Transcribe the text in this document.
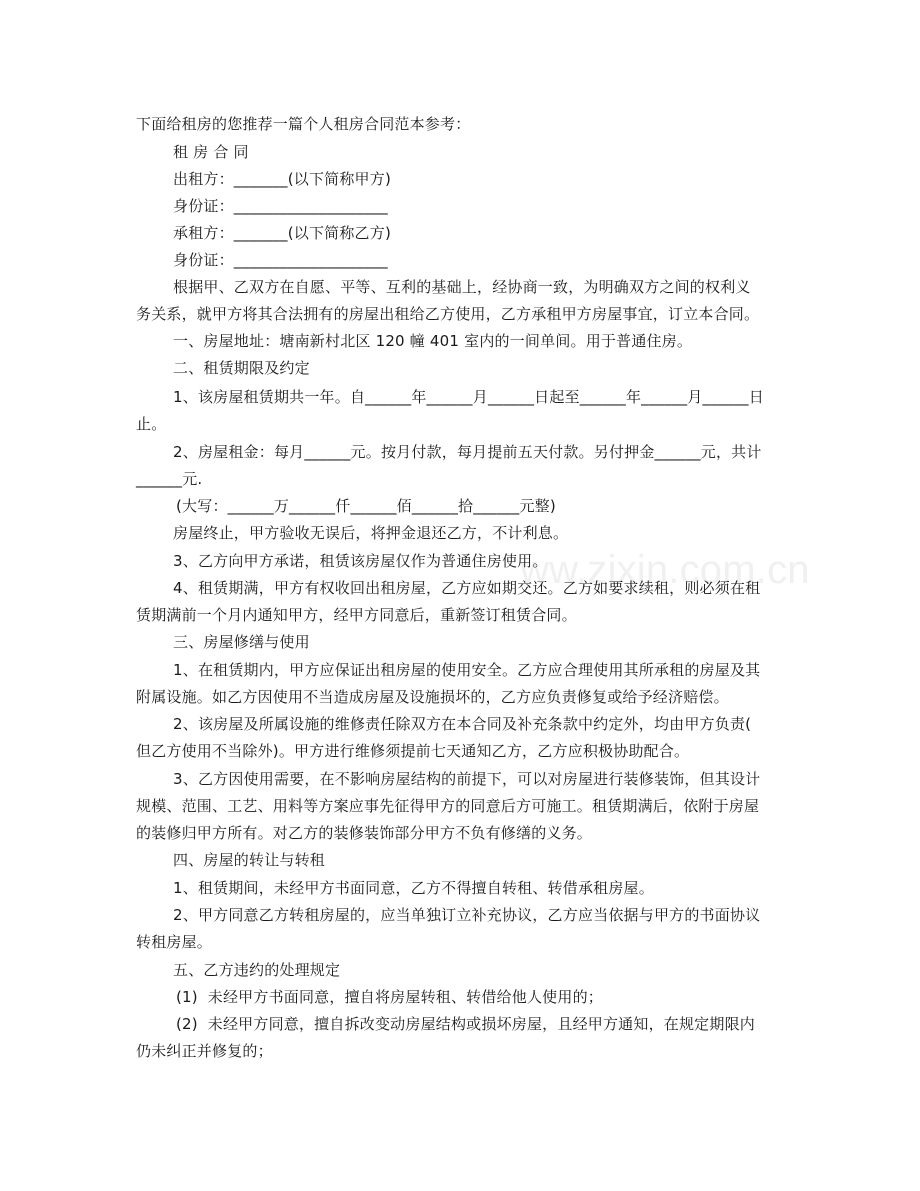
ww.zixin.com.cn
下面给租房的您推荐一篇个人租房合同范本参考：
租 房 合 同
出租方：_______(以下简称甲方)
身份证：____________________
承租方：_______(以下简称乙方)
身份证：____________________
根据甲、乙双方在自愿、平等、互利的基础上，经协商一致，为明确双方之间的权利义
务关系，就甲方将其合法拥有的房屋出租给乙方使用，乙方承租甲方房屋事宜，订立本合同。
一、房屋地址：塘南新村北区 120 幢 401 室内的一间单间。用于普通住房。
二、租赁期限及约定
1、该房屋租赁期共一年。自______年______月______日起至______年______月______日
止。
2、房屋租金：每月______元。按月付款，每月提前五天付款。另付押金______元，共计
______元.
(大写：______万______仟______佰______拾______元整)
房屋终止，甲方验收无误后，将押金退还乙方，不计利息。
3、乙方向甲方承诺，租赁该房屋仅作为普通住房使用。
4、租赁期满，甲方有权收回出租房屋，乙方应如期交还。乙方如要求续租，则必须在租
赁期满前一个月内通知甲方，经甲方同意后，重新签订租赁合同。
三、房屋修缮与使用
1、在租赁期内，甲方应保证出租房屋的使用安全。乙方应合理使用其所承租的房屋及其
附属设施。如乙方因使用不当造成房屋及设施损坏的，乙方应负责修复或给予经济赔偿。
2、该房屋及所属设施的维修责任除双方在本合同及补充条款中约定外，均由甲方负责(
但乙方使用不当除外)。甲方进行维修须提前七天通知乙方，乙方应积极协助配合。
3、乙方因使用需要，在不影响房屋结构的前提下，可以对房屋进行装修装饰，但其设计
规模、范围、工艺、用料等方案应事先征得甲方的同意后方可施工。租赁期满后，依附于房屋
的装修归甲方所有。对乙方的装修装饰部分甲方不负有修缮的义务。
四、房屋的转让与转租
1、租赁期间，未经甲方书面同意，乙方不得擅自转租、转借承租房屋。
2、甲方同意乙方转租房屋的，应当单独订立补充协议，乙方应当依据与甲方的书面协议
转租房屋。
五、乙方违约的处理规定
(1)  未经甲方书面同意，擅自将房屋转租、转借给他人使用的；
(2)  未经甲方同意，擅自拆改变动房屋结构或损坏房屋，且经甲方通知，在规定期限内
仍未纠正并修复的；
